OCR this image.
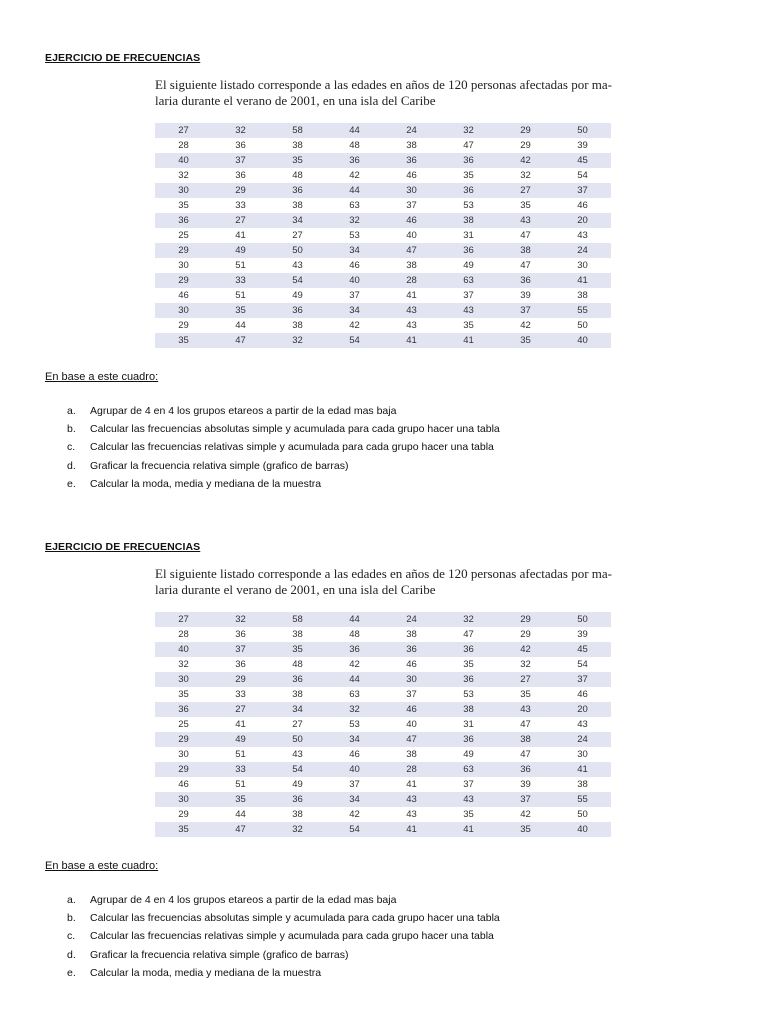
EJERCICIO DE FRECUENCIAS
El siguiente listado corresponde a las edades en años de 120 personas afectadas por ma-
laria durante el verano de 2001, en una isla del Caribe
27	32	58	44	24	32	29	50
28	36	38	48	38	47	29	39
40	37	35	36	36	36	42	45
32	36	48	42	46	35	32	54
30	29	36	44	30	36	27	37
35	33	38	63	37	53	35	46
36	27	34	32	46	38	43	20
25	41	27	53	40	31	47	43
29	49	50	34	47	36	38	24
30	51	43	46	38	49	47	30
29	33	54	40	28	63	36	41
46	51	49	37	41	37	39	38
30	35	36	34	43	43	37	55
29	44	38	42	43	35	42	50
35	47	32	54	41	41	35	40
En base a este cuadro:
a. Agrupar de 4 en 4 los grupos etareos a partir de la edad mas baja
b. Calcular las frecuencias absolutas simple y acumulada para cada grupo hacer una tabla
c. Calcular las frecuencias relativas simple y acumulada para cada grupo hacer una tabla
d. Graficar la frecuencia relativa simple (grafico de barras)
e. Calcular la moda, media y mediana de la muestra
EJERCICIO DE FRECUENCIAS
El siguiente listado corresponde a las edades en años de 120 personas afectadas por ma-
laria durante el verano de 2001, en una isla del Caribe
27	32	58	44	24	32	29	50
28	36	38	48	38	47	29	39
40	37	35	36	36	36	42	45
32	36	48	42	46	35	32	54
30	29	36	44	30	36	27	37
35	33	38	63	37	53	35	46
36	27	34	32	46	38	43	20
25	41	27	53	40	31	47	43
29	49	50	34	47	36	38	24
30	51	43	46	38	49	47	30
29	33	54	40	28	63	36	41
46	51	49	37	41	37	39	38
30	35	36	34	43	43	37	55
29	44	38	42	43	35	42	50
35	47	32	54	41	41	35	40
En base a este cuadro:
a. Agrupar de 4 en 4 los grupos etareos a partir de la edad mas baja
b. Calcular las frecuencias absolutas simple y acumulada para cada grupo hacer una tabla
c. Calcular las frecuencias relativas simple y acumulada para cada grupo hacer una tabla
d. Graficar la frecuencia relativa simple (grafico de barras)
e. Calcular la moda, media y mediana de la muestra
